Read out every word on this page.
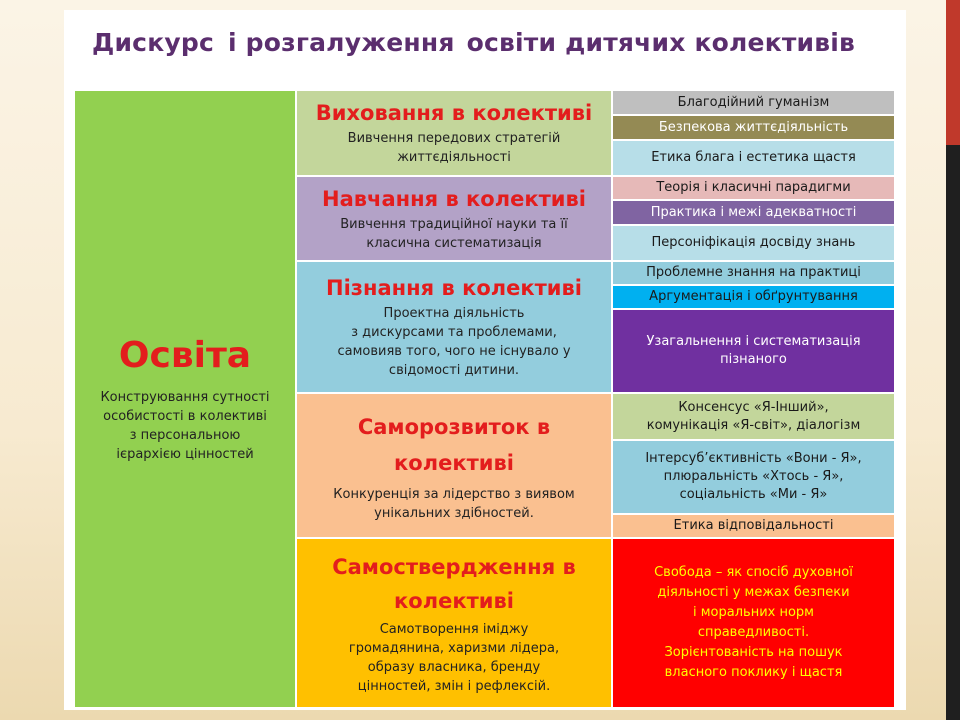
Дискурс і розгалуження освіти дитячих колективів
Освіта
Конструювання сутності
особистості в колективі
з персональною
ієрархією цінностей
Виховання в колективі
Вивчення передових стратегій
життєдіяльності
Навчання в колективі
Вивчення традиційної науки та її
класична систематизація
Пізнання в колективі
Проектна діяльність
з дискурсами та проблемами,
самовияв того, чого не існувало у
свідомості дитини.
Саморозвиток в колективі
Конкуренція за лідерство з виявом
унікальних здібностей.
Самоствердження в колективі
Самотворення іміджу
громадянина, харизми лідера,
образу власника, бренду
цінностей, змін і рефлексій.
Благодійний гуманізм
Безпекова життєдіяльність
Етика блага і естетика щастя
Теорія і класичні парадигми
Практика і межі адекватності
Персоніфікація досвіду знань
Проблемне знання на практиці
Аргументація і обґрунтування
Узагальнення і систематизація
пізнаного
Консенсус «Я-Інший»,
комунікація «Я-світ», діалогізм
Інтерсуб’єктивність «Вони - Я»,
плюральність «Хтось - Я»,
соціальність «Ми - Я»
Етика відповідальності
Свобода – як спосіб духовної
діяльності у межах безпеки
і моральних норм
справедливості.
Зорієнтованість на пошук
власного поклику і щастя
